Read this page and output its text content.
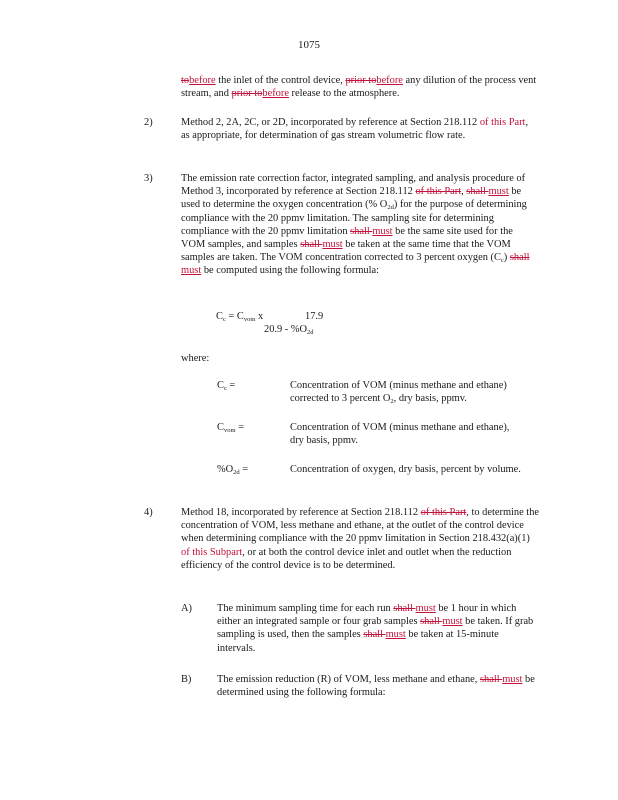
1075
tobefore the inlet of the control device, prior tobefore any dilution of the process vent stream, and prior tobefore release to the atmosphere.
2)	Method 2, 2A, 2C, or 2D, incorporated by reference at Section 218.112 of this Part, as appropriate, for determination of gas stream volumetric flow rate.
3)	The emission rate correction factor, integrated sampling, and analysis procedure of Method 3, incorporated by reference at Section 218.112 of this Part, shall must be used to determine the oxygen concentration (% $O_{2d}$) for the purpose of determining compliance with the 20 ppmv limitation. The sampling site for determining compliance with the 20 ppmv limitation shall must be the same site used for the VOM samples, and samples shall must be taken at the same time that the VOM samples are taken. The VOM concentration corrected to 3 percent oxygen $(C_c)$ shall must be computed using the following formula:
$C_c = C_{vom}$ x	17.9
$20.9 - \%O_{2d}$
where:
$C_c$ =	Concentration of VOM (minus methane and ethane) corrected to 3 percent $O_2$, dry basis, ppmv.
$C_{vom}$ =	Concentration of VOM (minus methane and ethane), dry basis, ppmv.
$\%O_{2d}$ =	Concentration of oxygen, dry basis, percent by volume.
4)	Method 18, incorporated by reference at Section 218.112 of this Part, to determine the concentration of VOM, less methane and ethane, at the outlet of the control device when determining compliance with the 20 ppmv limitation in Section 218.432(a)(1) of this Subpart, or at both the control device inlet and outlet when the reduction efficiency of the control device is to be determined.
A) The minimum sampling time for each run shall must be 1 hour in which either an integrated sample or four grab samples shall must be taken. If grab sampling is used, then the samples shall must be taken at 15-minute intervals.
B) The emission reduction (R) of VOM, less methane and ethane, shall must be determined using the following formula:
